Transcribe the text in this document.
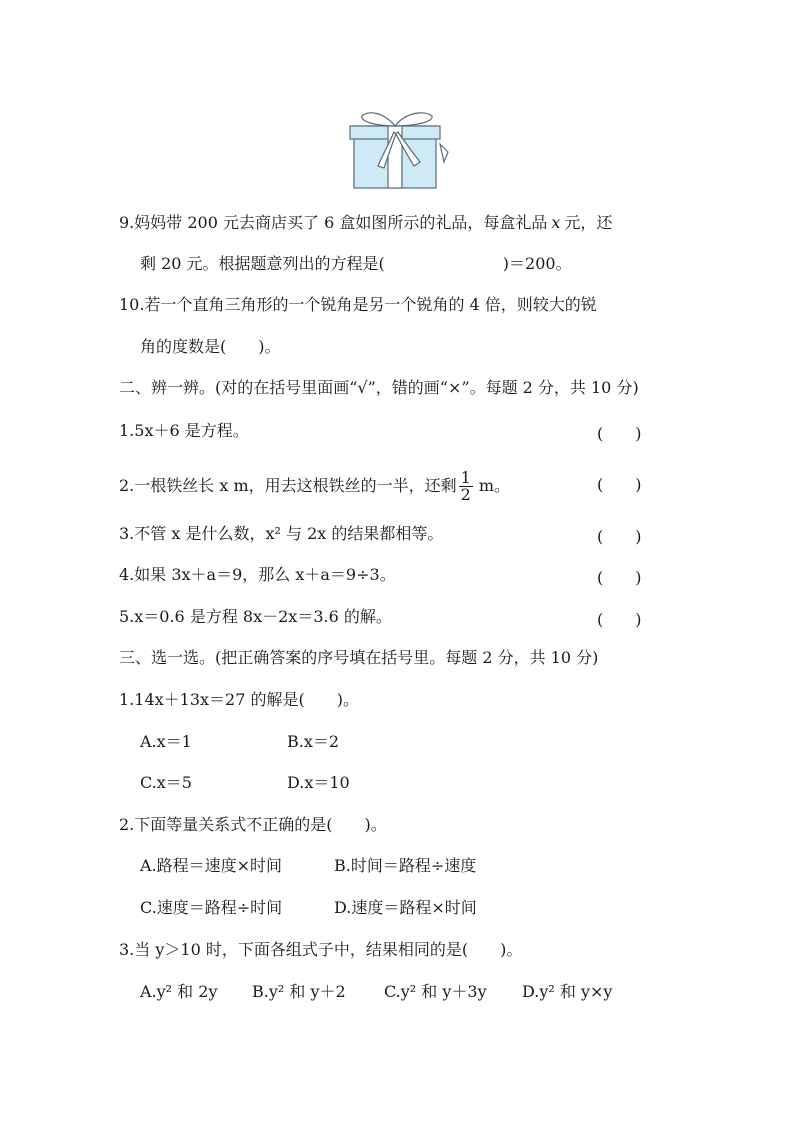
9.妈妈带 200 元去商店买了 6 盒如图所示的礼品，每盒礼品 x 元，还
剩 20 元。根据题意列出的方程是(	)＝200。
10.若一个直角三角形的一个锐角是另一个锐角的 4 倍，则较大的锐
角的度数是(　　)。
二、辨一辨。(对的在括号里面画“√”，错的画“×”。每题 2 分，共 10 分)
1.5x＋6 是方程。	(　　)
2.一根铁丝长 x m，用去这根铁丝的一半，还剩 $\frac{1}{2}$ m。	(　　)
3.不管 x 是什么数，x² 与 2x 的结果都相等。	(　　)
4.如果 3x＋a＝9，那么 x＋a＝9÷3。	(　　)
5.x＝0.6 是方程 8x－2x＝3.6 的解。	(　　)
三、选一选。(把正确答案的序号填在括号里。每题 2 分，共 10 分)
1.14x＋13x＝27 的解是(　　)。
A.x＝1	B.x＝2
C.x＝5	D.x＝10
2.下面等量关系式不正确的是(　　)。
A.路程＝速度×时间	B.时间＝路程÷速度
C.速度＝路程÷时间	D.速度＝路程×时间
3.当 y＞10 时，下面各组式子中，结果相同的是(　　)。
A.y² 和 2y B.y² 和 y＋2 C.y² 和 y＋3y D.y² 和 y×y
